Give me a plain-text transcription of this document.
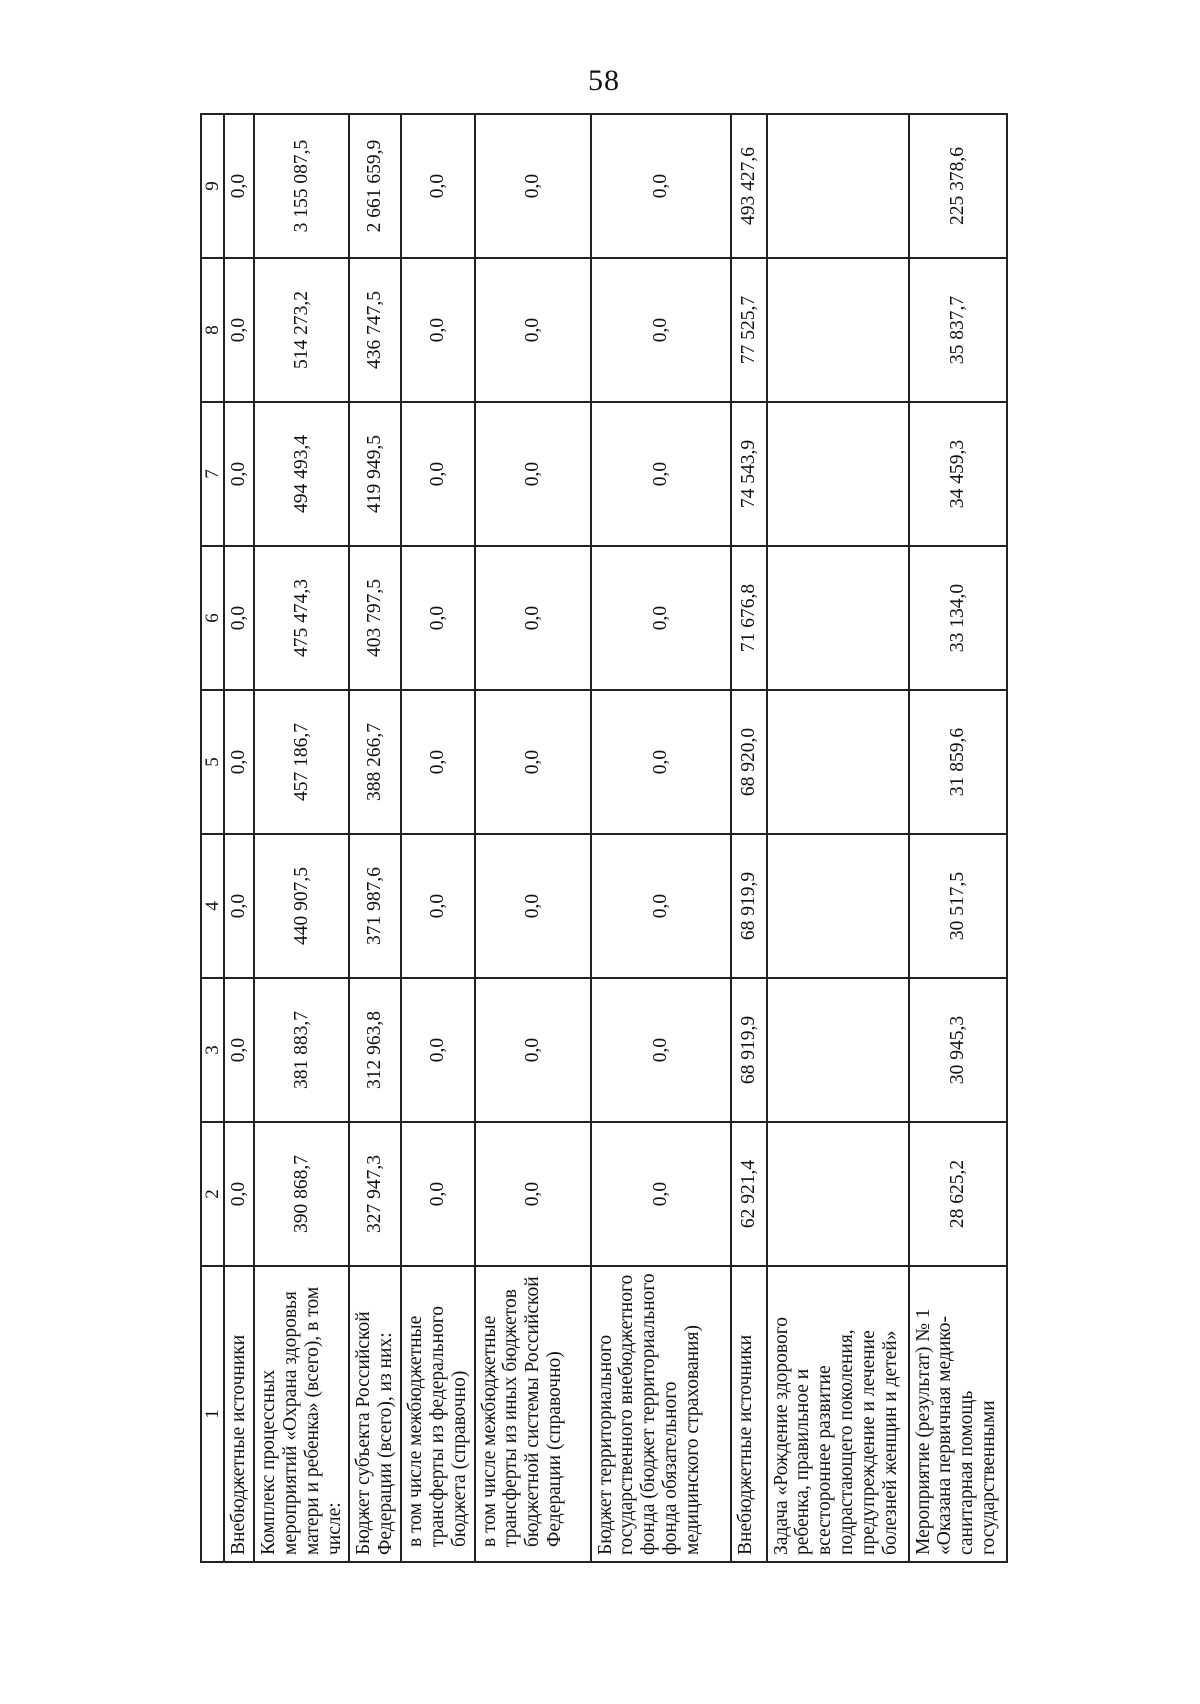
58
1	2	3	4	5	6	7	8	9
Внебюджетные источники	0,0	0,0	0,0	0,0	0,0	0,0	0,0	0,0
Комплекс процессных мероприятий «Охрана здоровья матери и ребенка» (всего), в том числе:	390 868,7	381 883,7	440 907,5	457 186,7	475 474,3	494 493,4	514 273,2	3 155 087,5
Бюджет субъекта Российской Федерации (всего), из них:	327 947,3	312 963,8	371 987,6	388 266,7	403 797,5	419 949,5	436 747,5	2 661 659,9
в том числе межбюджетные трансферты из федерального бюджета (справочно)	0,0	0,0	0,0	0,0	0,0	0,0	0,0	0,0
в том числе межбюджетные трансферты из иных бюджетов бюджетной системы Российской Федерации (справочно)	0,0	0,0	0,0	0,0	0,0	0,0	0,0	0,0
Бюджет территориального государственного внебюджетного фонда (бюджет территориального фонда обязательного медицинского страхования)	0,0	0,0	0,0	0,0	0,0	0,0	0,0	0,0
Внебюджетные источники	62 921,4	68 919,9	68 919,9	68 920,0	71 676,8	74 543,9	77 525,7	493 427,6
Задача «Рождение здорового ребенка, правильное и всестороннее развитие подрастающего поколения, предупреждение и лечение болезней женщин и детей»								
Мероприятие (результат) № 1 «Оказана первичная медико-санитарная помощь государственными	28 625,2	30 945,3	30 517,5	31 859,6	33 134,0	34 459,3	35 837,7	225 378,6
